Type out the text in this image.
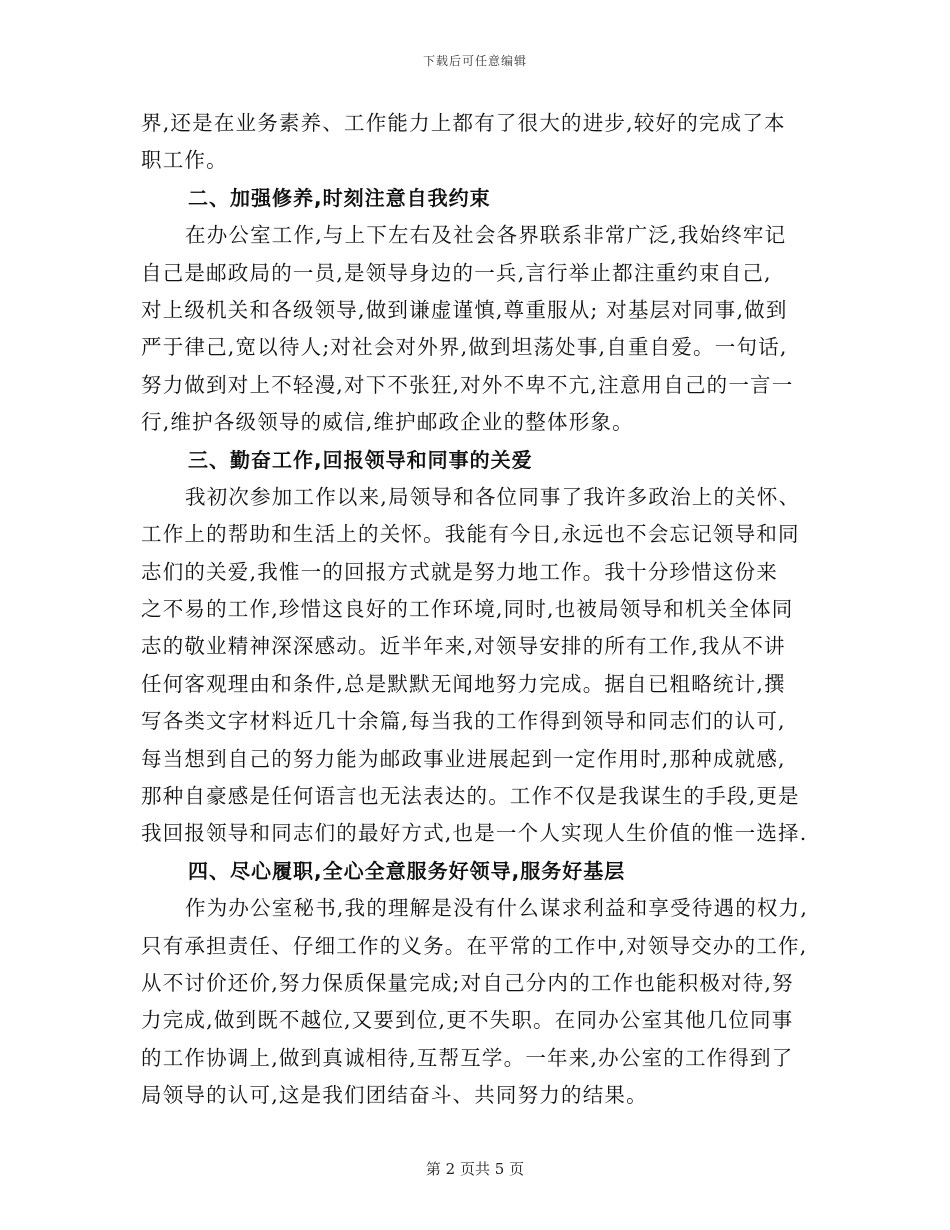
下载后可任意编辑
界,还是在业务素养、工作能力上都有了很大的进步,较好的完成了本
职工作。
二、加强修养,时刻注意自我约束
在办公室工作,与上下左右及社会各界联系非常广泛,我始终牢记
自己是邮政局的一员,是领导身边的一兵,言行举止都注重约束自己,
对上级机关和各级领导,做到谦虚谨慎,尊重服从; 对基层对同事,做到
严于律己,宽以待人;对社会对外界,做到坦荡处事,自重自爱。一句话,
努力做到对上不轻漫,对下不张狂,对外不卑不亢,注意用自己的一言一
行,维护各级领导的威信,维护邮政企业的整体形象。
三、勤奋工作,回报领导和同事的关爱
我初次参加工作以来,局领导和各位同事了我许多政治上的关怀、
工作上的帮助和生活上的关怀。我能有今日,永远也不会忘记领导和同
志们的关爱,我惟一的回报方式就是努力地工作。我十分珍惜这份来
之不易的工作,珍惜这良好的工作环境,同时,也被局领导和机关全体同
志的敬业精神深深感动。近半年来,对领导安排的所有工作,我从不讲
任何客观理由和条件,总是默默无闻地努力完成。据自已粗略统计,撰
写各类文字材料近几十余篇,每当我的工作得到领导和同志们的认可,
每当想到自己的努力能为邮政事业进展起到一定作用时,那种成就感,
那种自豪感是任何语言也无法表达的。工作不仅是我谋生的手段,更是
我回报领导和同志们的最好方式,也是一个人实现人生价值的惟一选择.
四、尽心履职,全心全意服务好领导,服务好基层
作为办公室秘书,我的理解是没有什么谋求利益和享受待遇的权力,
只有承担责任、仔细工作的义务。在平常的工作中,对领导交办的工作,
从不讨价还价,努力保质保量完成;对自己分内的工作也能积极对待,努
力完成,做到既不越位,又要到位,更不失职。在同办公室其他几位同事
的工作协调上,做到真诚相待,互帮互学。一年来,办公室的工作得到了
局领导的认可,这是我们团结奋斗、共同努力的结果。
第 2 页共 5 页
